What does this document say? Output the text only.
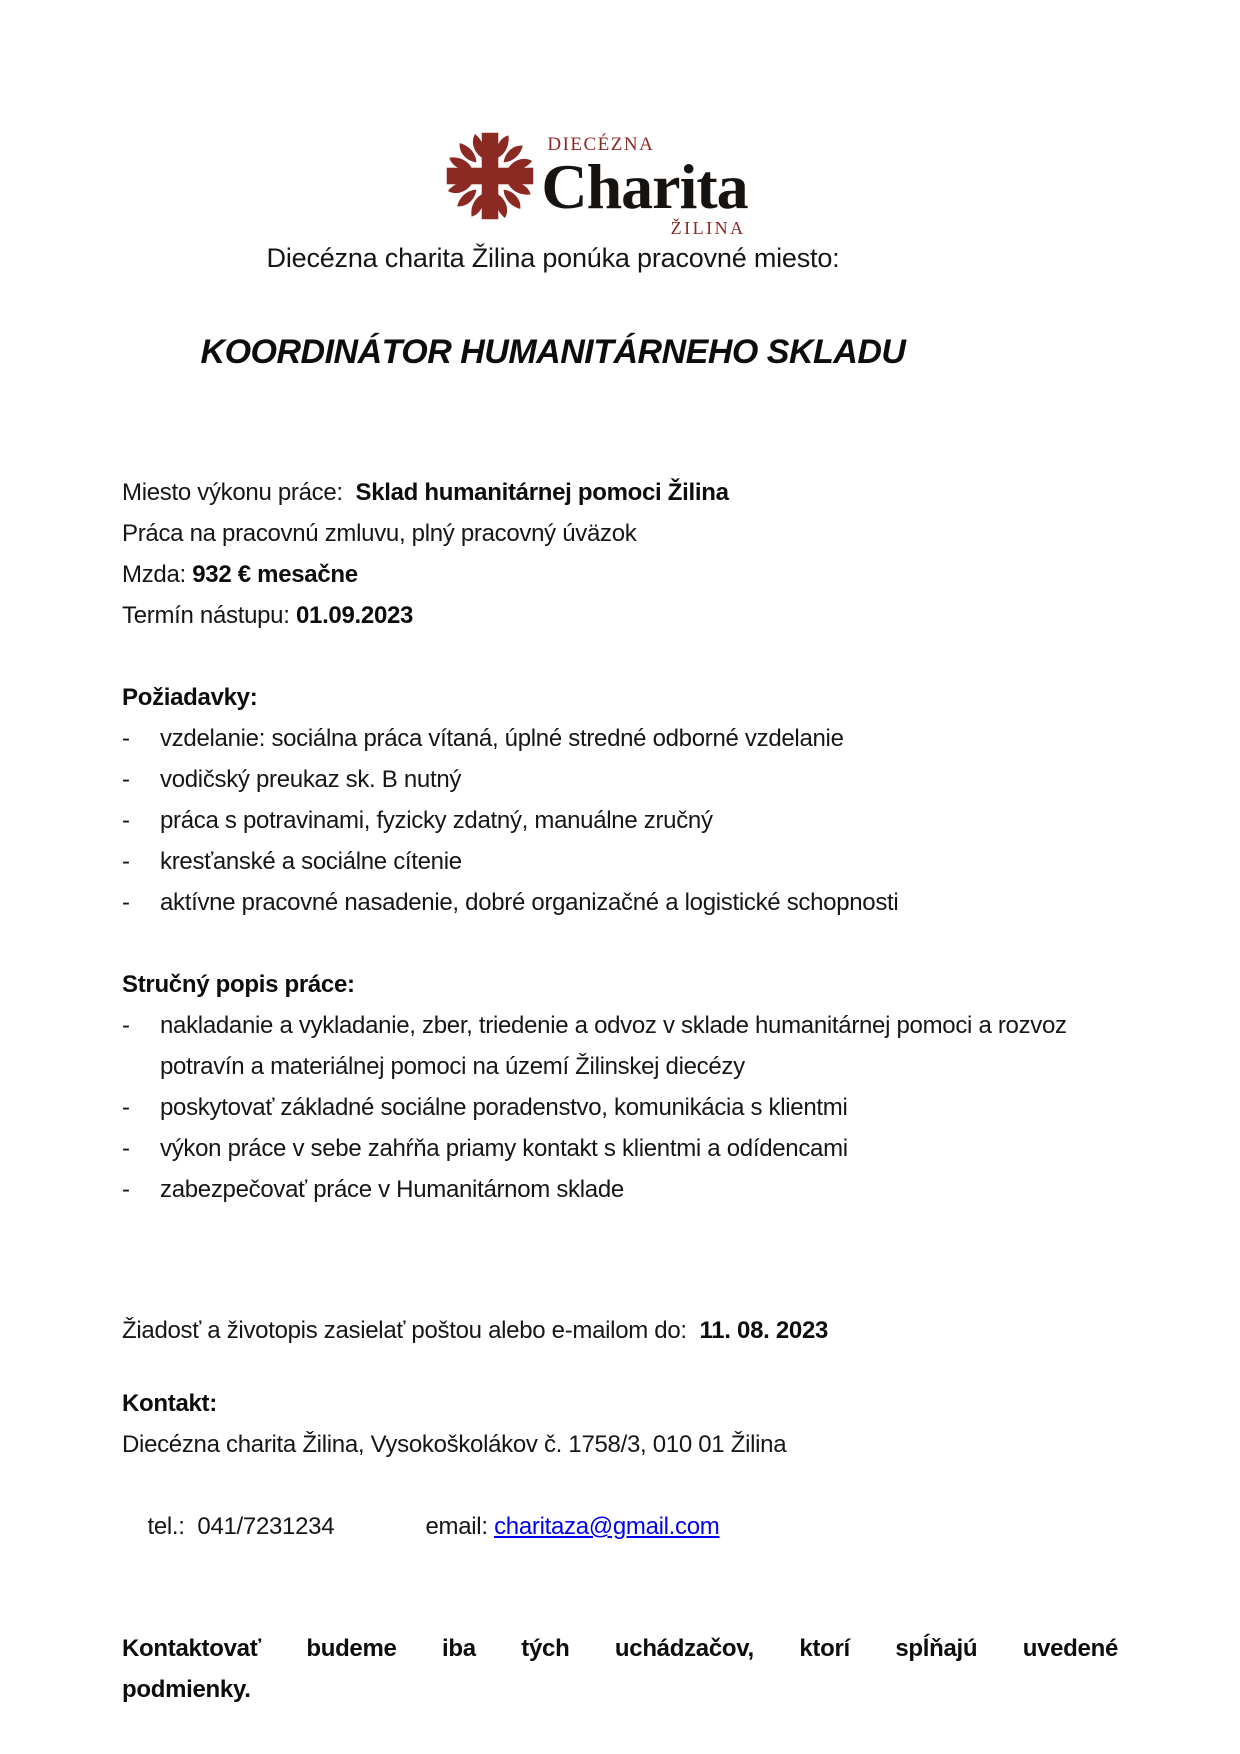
DIECÉZNA
Charita
ŽILINA
Diecézna charita Žilina ponúka pracovné miesto:
KOORDINÁTOR HUMANITÁRNEHO SKLADU
Miesto výkonu práce:  Sklad humanitárnej pomoci Žilina
Práca na pracovnú zmluvu, plný pracovný úväzok
Mzda: 932 € mesačne
Termín nástupu: 01.09.2023
Požiadavky:
-	vzdelanie: sociálna práca vítaná, úplné stredné odborné vzdelanie
-	vodičský preukaz sk. B nutný
-	práca s potravinami, fyzicky zdatný, manuálne zručný
-	kresťanské a sociálne cítenie
-	aktívne pracovné nasadenie, dobré organizačné a logistické schopnosti
Stručný popis práce:
-	nakladanie a vykladanie, zber, triedenie a odvoz v sklade humanitárnej pomoci a rozvoz potravín a materiálnej pomoci na území Žilinskej diecézy
-	poskytovať základné sociálne poradenstvo, komunikácia s klientmi
-	výkon práce v sebe zahŕňa priamy kontakt s klientmi a odídencami
-	zabezpečovať práce v Humanitárnom sklade
Žiadosť a životopis zasielať poštou alebo e-mailom do:  11. 08. 2023
Kontakt:
Diecézna charita Žilina, Vysokoškolákov č. 1758/3, 010 01 Žilina

tel.:  041/7231234	email: charitaza@gmail.com

Kontaktovať budeme iba tých uchádzačov, ktorí spĺňajú uvedené
podmienky.
